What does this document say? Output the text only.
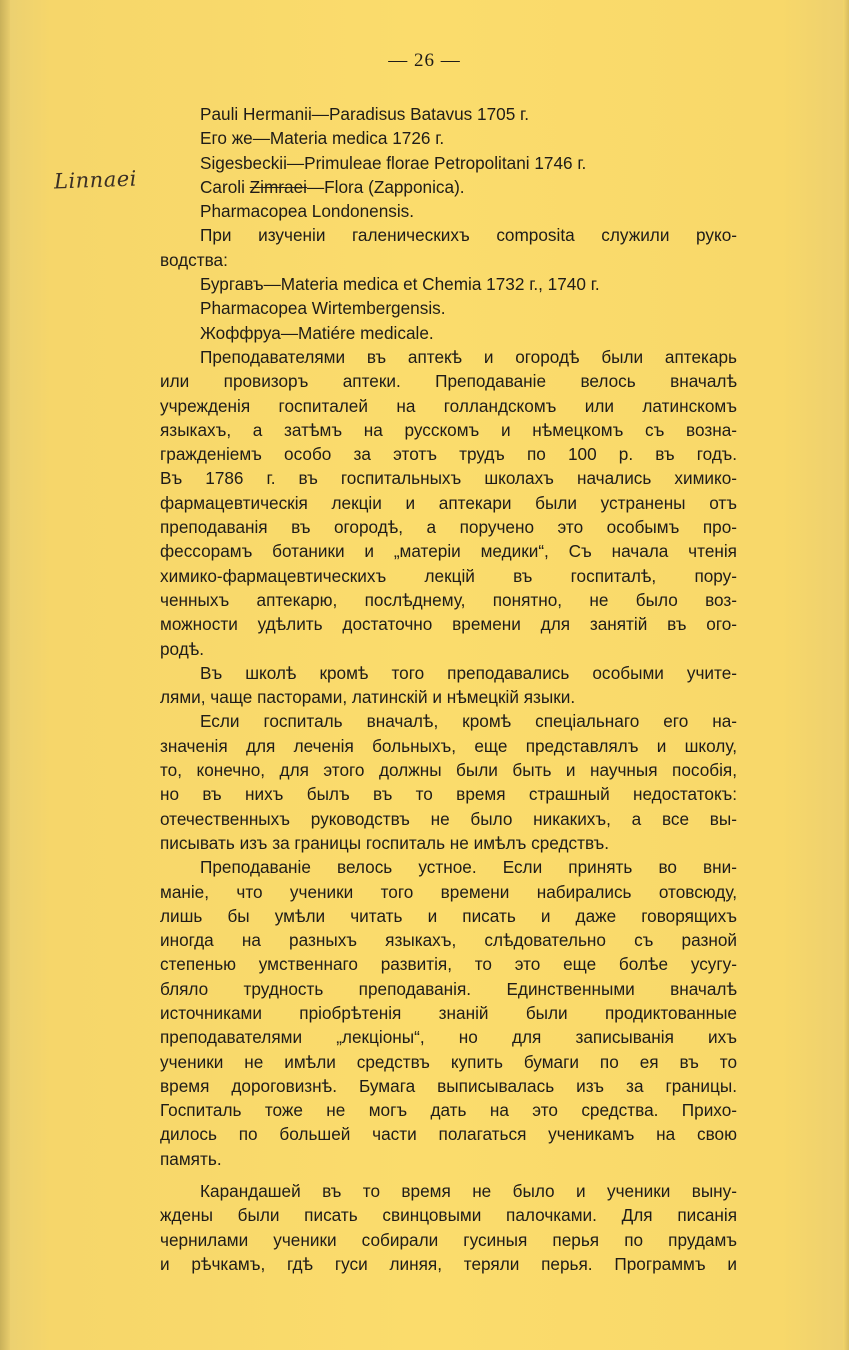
— 26 —
Linnaei
Pauli Hermanii—Paradisus Batavus 1705 г.
Его же—Materia medica 1726 г.
Sigesbeckii—Primuleae florae Petropolitani 1746 г.
Caroli Zimraei—Flora (Zapponica).
Pharmacopea Londonensis.
При изученіи галеническихъ composita служили руко-
водства:
Бургавъ—Materia medica et Chemia 1732 г., 1740 г.
Pharmacopea Wirtembergensis.
Жоффруа—Matiére medicale.
Преподавателями въ аптекѣ и огородѣ были аптекарь
или провизоръ аптеки. Преподаваніе велось вначалѣ
учрежденія госпиталей на голландскомъ или латинскомъ
языкахъ, а затѣмъ на русскомъ и нѣмецкомъ съ возна-
гражденіемъ особо за этотъ трудъ по 100 р. въ годъ.
Въ 1786 г. въ госпитальныхъ школахъ начались химико-
фармацевтическія лекціи и аптекари были устранены отъ
преподаванія въ огородѣ, а поручено это особымъ про-
фессорамъ ботаники и „матеріи медики“, Съ начала чтенія
химико-фармацевтическихъ лекцій въ госпиталѣ, пору-
ченныхъ аптекарю, послѣднему, понятно, не было воз-
можности удѣлить достаточно времени для занятій въ ого-
родѣ.
Въ школѣ кромѣ того преподавались особыми учите-
лями, чаще пасторами, латинскій и нѣмецкій языки.
Если госпиталь вначалѣ, кромѣ спеціальнаго его на-
значенія для леченія больныхъ, еще представлялъ и школу,
то, конечно, для этого должны были быть и научныя пособія,
но въ нихъ былъ въ то время страшный недостатокъ:
отечественныхъ руководствъ не было никакихъ, а все вы-
писывать изъ за границы госпиталь не имѣлъ средствъ.
Преподаваніе велось устное. Если принять во вни-
маніе, что ученики того времени набирались отовсюду,
лишь бы умѣли читать и писать и даже говорящихъ
иногда на разныхъ языкахъ, слѣдовательно съ разной
степенью умственнаго развитія, то это еще болѣе усугу-
бляло трудность преподаванія. Единственными вначалѣ
источниками пріобрѣтенія знаній были продиктованные
преподавателями „лекціоны“, но для записыванія ихъ
ученики не имѣли средствъ купить бумаги по ея въ то
время дороговизнѣ. Бумага выписывалась изъ за границы.
Госпиталь тоже не могъ дать на это средства. Прихо-
дилось по большей части полагаться ученикамъ на свою
память.
Карандашей въ то время не было и ученики выну-
ждены были писать свинцовыми палочками. Для писанія
чернилами ученики собирали гусиныя перья по прудамъ
и рѣчкамъ, гдѣ гуси линяя, теряли перья. Программъ и
